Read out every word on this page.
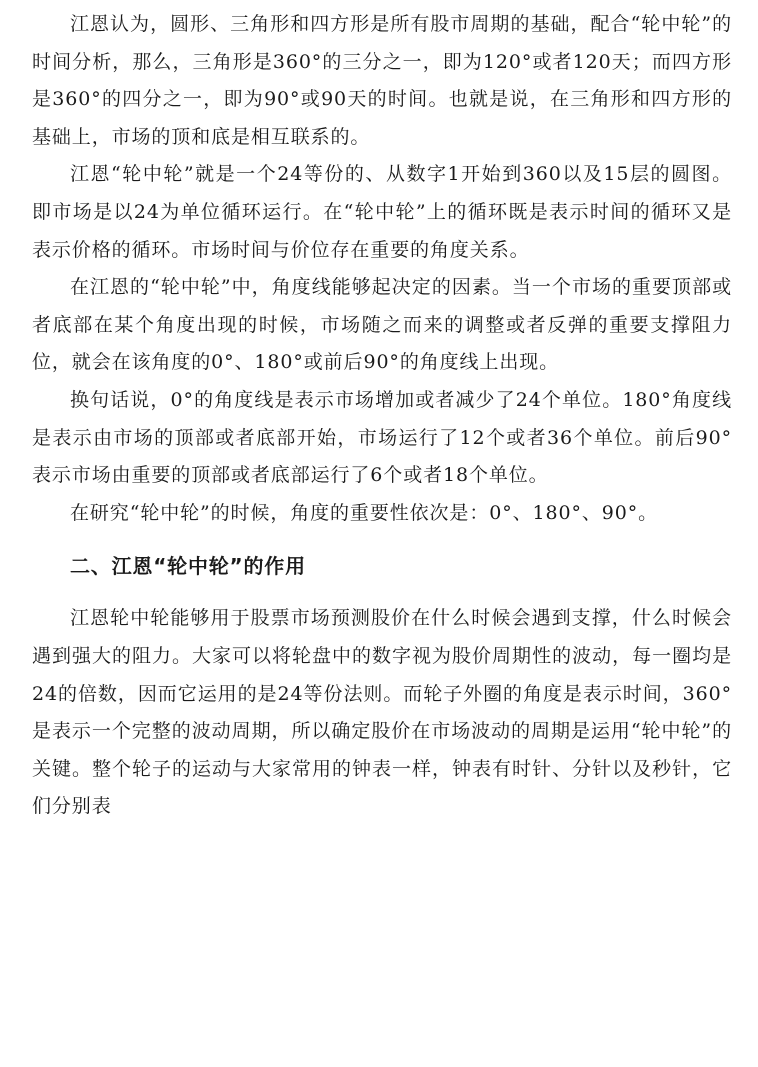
江恩认为，圆形、三角形和四方形是所有股市周期的基础，配合“轮中轮”的时间分析，那么，三角形是360°的三分之一，即为120°或者120天；而四方形是360°的四分之一，即为90°或90天的时间。也就是说，在三角形和四方形的基础上，市场的顶和底是相互联系的。

江恩“轮中轮”就是一个24等份的、从数字1开始到360以及15层的圆图。即市场是以24为单位循环运行。在“轮中轮”上的循环既是表示时间的循环又是表示价格的循环。市场时间与价位存在重要的角度关系。

在江恩的“轮中轮”中，角度线能够起决定的因素。当一个市场的重要顶部或者底部在某个角度出现的时候，市场随之而来的调整或者反弹的重要支撑阻力位，就会在该角度的0°、180°或前后90°的角度线上出现。

换句话说，0°的角度线是表示市场增加或者减少了24个单位。180°角度线是表示由市场的顶部或者底部开始，市场运行了12个或者36个单位。前后90°表示市场由重要的顶部或者底部运行了6个或者18个单位。

在研究“轮中轮”的时候，角度的重要性依次是：0°、180°、90°。

二、江恩“轮中轮”的作用

江恩轮中轮能够用于股票市场预测股价在什么时候会遇到支撑，什么时候会遇到强大的阻力。大家可以将轮盘中的数字视为股价周期性的波动，每一圈均是24的倍数，因而它运用的是24等份法则。而轮子外圈的角度是表示时间，360°是表示一个完整的波动周期，所以确定股价在市场波动的周期是运用“轮中轮”的关键。整个轮子的运动与大家常用的钟表一样，钟表有时针、分针以及秒针，它们分别表
